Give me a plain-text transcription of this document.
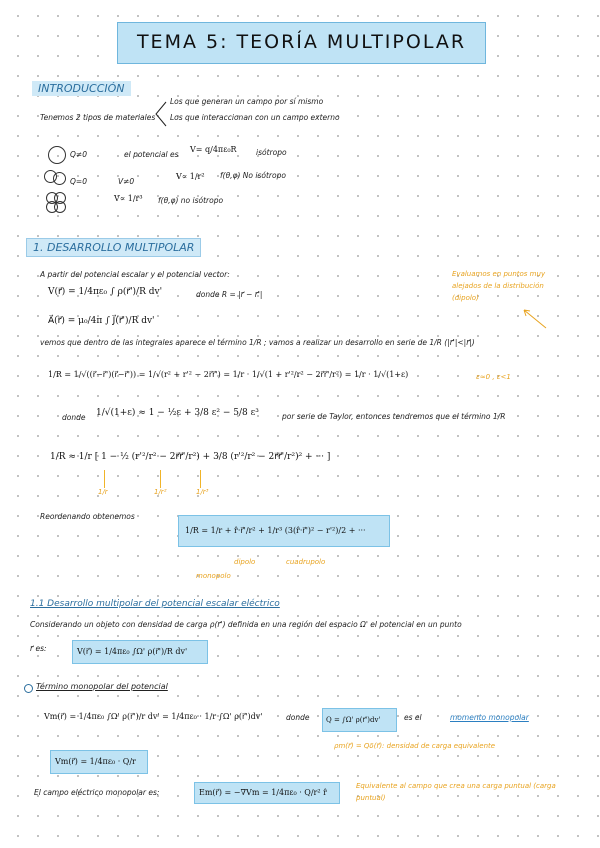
TEMA 5: TEORÍA MULTIPOLAR
INTRODUCCIÓN
Tenemos 2 tipos de materiales
Los que generan un campo por sí mismo
Los que interaccionan con un campo externo
Q≠0	el potencial es
V= q/4πε₀R	isótropo
Q=0	V≠0
V∝ 1/r² f(θ,φ) No isótropo
V∝ 1/r³ f(θ,φ) no isótropo
1. DESARROLLO MULTIPOLAR
A partir del potencial escalar y el potencial vector:
V(r⃗) = 1/4πε₀ ∫ ρ(r⃗')/R dv'
A⃗(r⃗) = μ₀/4π ∫ J⃗(r⃗')/R dv'
donde R = |r⃗ − r⃗'|
Evaluamos en puntos muy alejados de la distribución (dipolo)
vemos que dentro de las integrales aparece el término 1/R ; vamos a realizar un desarrollo en serie de 1/R (|r⃗'|<|r⃗|)
1/R = 1/√((r⃗−r⃗')(r⃗−r⃗')) = 1/√(r² + r'² − 2r⃗r⃗') = 1/r · 1/√(1 + r'²/r² − 2r⃗r⃗'/r²) = 1/r · 1/√(1+ε)	ε≈0 , ε<1
donde 1/√(1+ε) ≈ 1 − ½ε + 3/8 ε² − 5/8 ε³	por serie de Taylor, entonces tendremos que el término 1/R
1/R ≈ 1/r [ 1 − ½ (r'²/r² − 2r⃗r⃗'/r²) + 3/8 (r'²/r² − 2r⃗r⃗'/r²)² + ··· ]
1/r	1/r²	1/r³
Reordenando obtenemos
1/R = 1/r + r̂·r⃗'/r² + 1/r³ (3(r̂·r⃗')² − r'²)/2 + ···
monopolo
dipolo	cuadrupolo
1.1 Desarrollo multipolar del potencial escalar eléctrico
Considerando un objeto con densidad de carga ρ(r⃗') definida en una región del espacio Ω' el potencial en un punto
r⃗ es:	V(r⃗) = 1/4πε₀ ∫Ω' ρ(r⃗')/R dv'
Término monopolar del potencial
Vm(r⃗) = 1/4πε₀ ∫Ω' ρ(r⃗')/r dv' = 1/4πε₀ · 1/r ∫Ω' ρ(r⃗')dv'	donde	Q = ∫Ω' ρ(r⃗')dv'	es el	momento monopolar
ρm(r⃗) = Qδ(r⃗): densidad de carga equivalente
Vm(r⃗) = 1/4πε₀ · Q/r
El campo eléctrico monopolar es:	Em(r⃗) = −∇Vm = 1/4πε₀ · Q/r² r̂
Equivalente al campo que crea una carga puntual (carga puntual)
